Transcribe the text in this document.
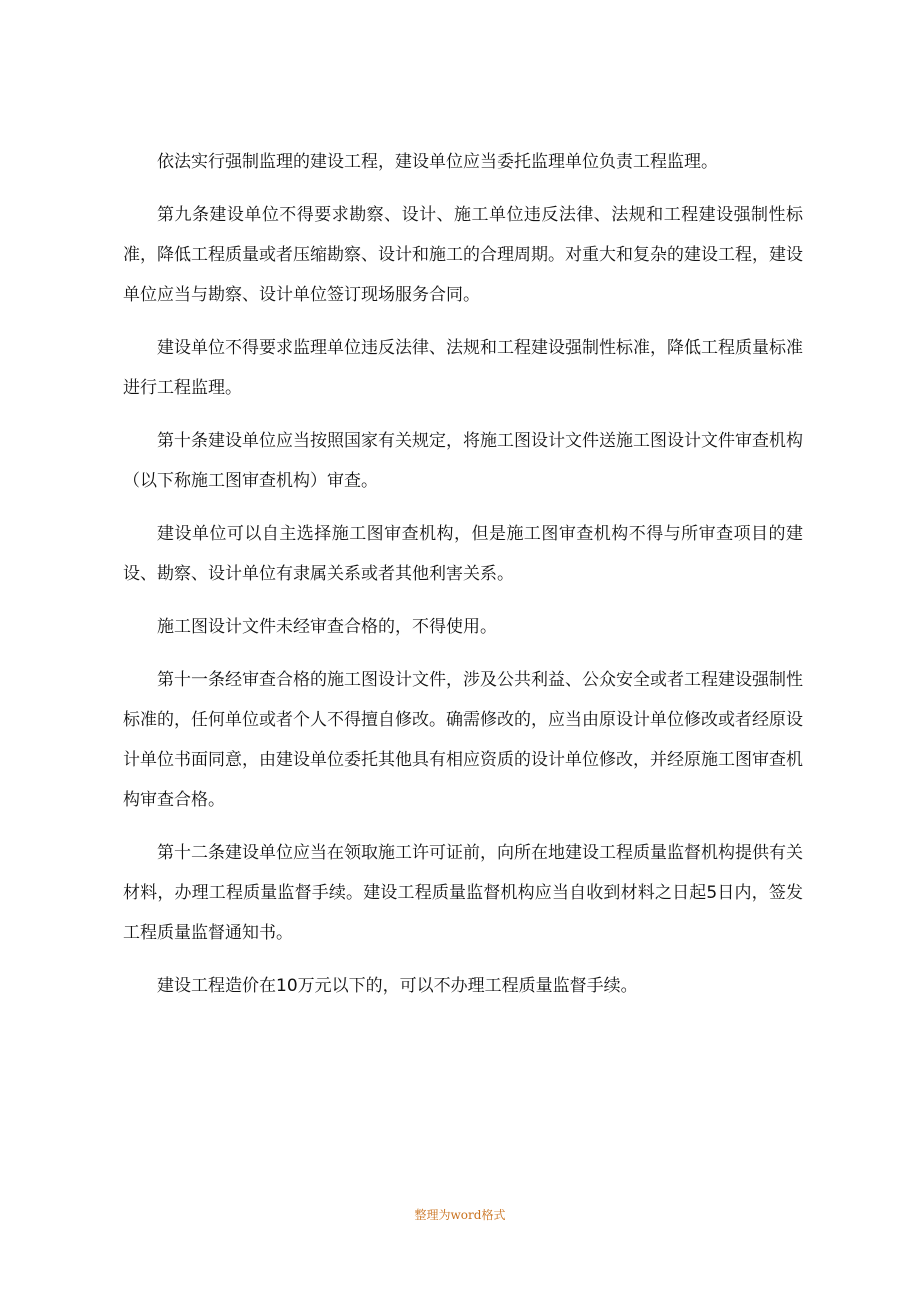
依法实行强制监理的建设工程，建设单位应当委托监理单位负责工程监理。

第九条建设单位不得要求勘察、设计、施工单位违反法律、法规和工程建设强制性标准，降低工程质量或者压缩勘察、设计和施工的合理周期。对重大和复杂的建设工程，建设单位应当与勘察、设计单位签订现场服务合同。

建设单位不得要求监理单位违反法律、法规和工程建设强制性标准，降低工程质量标准进行工程监理。

第十条建设单位应当按照国家有关规定，将施工图设计文件送施工图设计文件审查机构（以下称施工图审查机构）审查。

建设单位可以自主选择施工图审查机构，但是施工图审查机构不得与所审查项目的建设、勘察、设计单位有隶属关系或者其他利害关系。

施工图设计文件未经审查合格的，不得使用。

第十一条经审查合格的施工图设计文件，涉及公共利益、公众安全或者工程建设强制性标准的，任何单位或者个人不得擅自修改。确需修改的，应当由原设计单位修改或者经原设计单位书面同意，由建设单位委托其他具有相应资质的设计单位修改，并经原施工图审查机构审查合格。

第十二条建设单位应当在领取施工许可证前，向所在地建设工程质量监督机构提供有关材料，办理工程质量监督手续。建设工程质量监督机构应当自收到材料之日起5日内，签发工程质量监督通知书。

建设工程造价在10万元以下的，可以不办理工程质量监督手续。

整理为word格式
